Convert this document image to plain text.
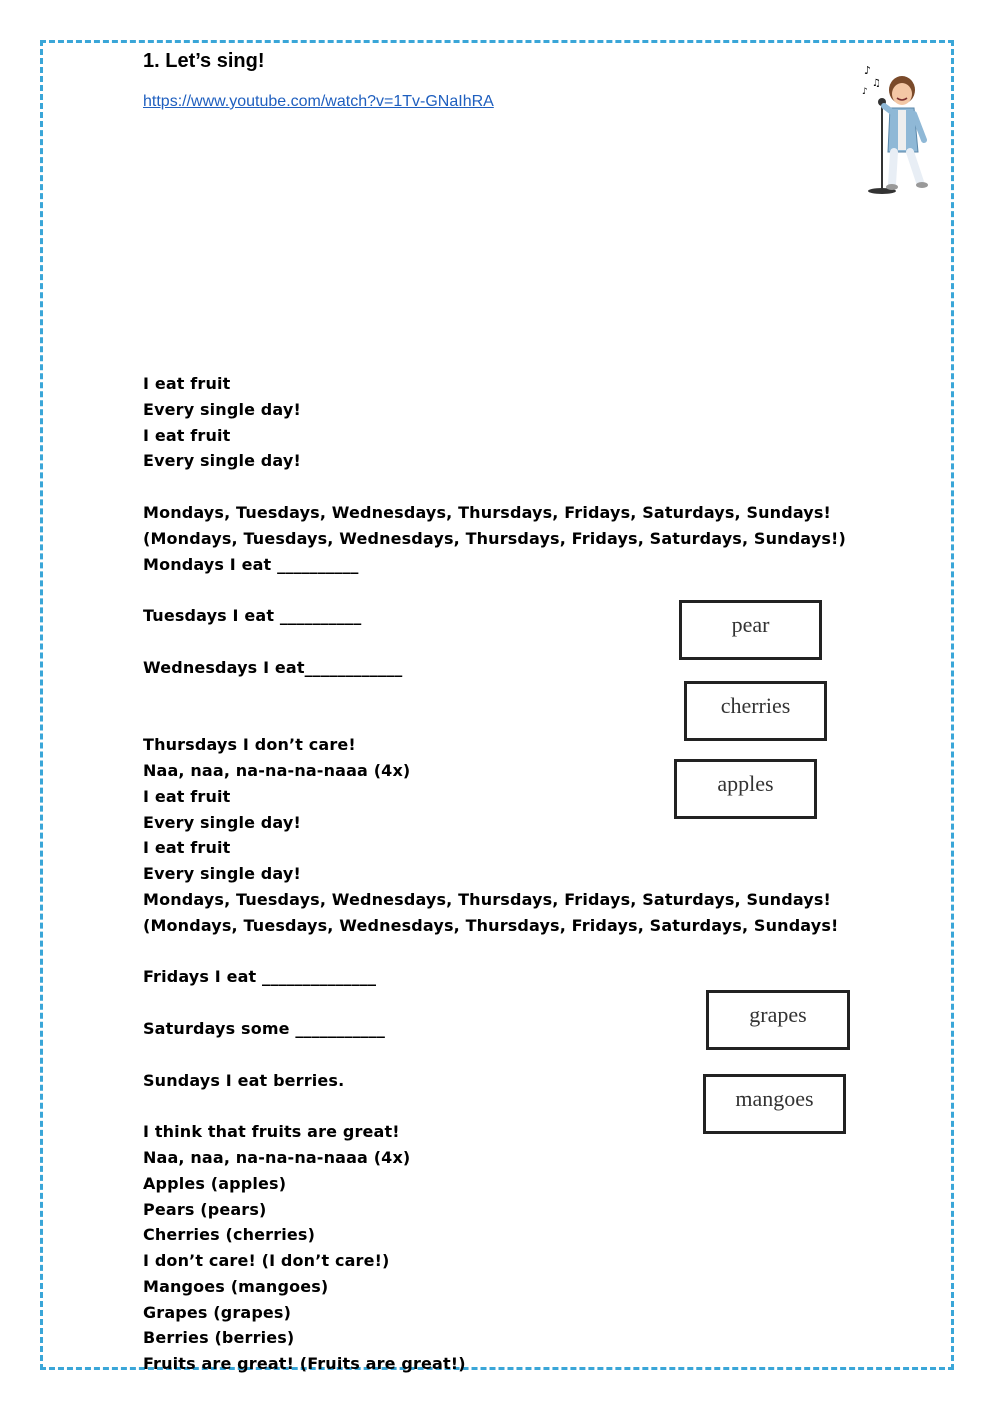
1. Let’s sing!
https://www.youtube.com/watch?v=1Tv-GNaIhRA
♪
♫
♪
I eat fruit
Every single day!
I eat fruit
Every single day!
Mondays, Tuesdays, Wednesdays, Thursdays, Fridays, Saturdays, Sundays!
(Mondays, Tuesdays, Wednesdays, Thursdays, Fridays, Saturdays, Sundays!)
Mondays I eat __________
Tuesdays I eat __________
Wednesdays I eat____________
Thursdays I don’t care!
Naa, naa, na-na-na-naaa (4x)
I eat fruit
Every single day!
I eat fruit
Every single day!
Mondays, Tuesdays, Wednesdays, Thursdays, Fridays, Saturdays, Sundays!
(Mondays, Tuesdays, Wednesdays, Thursdays, Fridays, Saturdays, Sundays!
Fridays I eat ______________
Saturdays some ___________
Sundays I eat berries.
I think that fruits are great!
Naa, naa, na-na-na-naaa (4x)
Apples (apples)
Pears (pears)
Cherries (cherries)
I don’t care! (I don’t care!)
Mangoes (mangoes)
Grapes (grapes)
Berries (berries)
Fruits are great! (Fruits are great!)
pear
cherries
apples
grapes
mangoes
